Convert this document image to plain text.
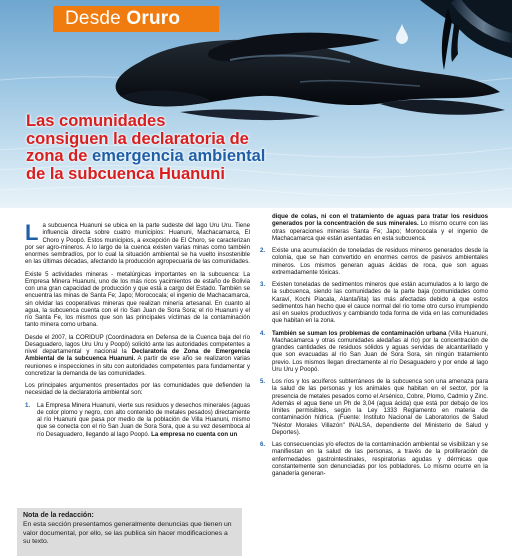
Desde Oruro
Las comunidades
consiguen la declaratoria de
zona de emergencia ambiental
de la subcuenca Huanuni

La subcuenca Huanuni se ubica en la parte sudeste del lago Uru Uru. Tiene influencia directa sobre cuatro municipios: Huanuni, Machacamarca, El Choro y Poopó. Estos municipios, a excepción de El Choro, se caracterizan por ser agro-mineros. A lo largo de la cuenca existen varias minas como también enormes sembradíos, por lo cual la situación ambiental se ha vuelto insostenible en las últimas décadas, afectando la producción agropecuaria de las comunidades.

Existe 5 actividades mineras - metalúrgicas importantes en la subcuenca: La Empresa Minera Huanuni, uno de los más ricos yacimientos de estaño de Bolivia con una gran capacidad de producción y que está a cargo del Estado. También se encuentra las minas de Santa Fe; Japo; Morococala; el ingenio de Machacamarca, sin olvidar las cooperativas mineras que realizan minería artesanal. En cuanto al agua, la subcuenca cuenta con el río San Juan de Sora Sora; el río Huanuni y el río Santa Fe, los mismos que son las principales víctimas de la contaminación tanto minera como urbana.

Desde el 2007, la CORIDUP (Coordinadora en Defensa de la Cuenca baja del río Desaguadero, lagos Uru Uru y Poopó) solicitó ante las autoridades competentes a nivel departamental y nacional la Declaratoria de Zona de Emergencia Ambiental de la subcuenca Huanuni. A partir de ese año se realizaron varias reuniones e inspecciones in situ con autoridades competentes para fundamentar y concretizar la demanda de las comunidades.

Los principales argumentos presentados por las comunidades que defienden la necesidad de la declaratoria ambiental son:

1. La Empresa Minera Huanuni, vierte sus residuos y desechos minerales (aguas de color plomo y negro, con alto contenido de metales pesados) directamente al río Huanuni que pasa por medio de la población de Villa Huanuni, mismo que se conecta con el río San Juan de Sora Sora, que a su vez desemboca al río Desaguadero, llegando al lago Poopó. La empresa no cuenta con un
dique de colas, ni con el tratamiento de aguas para tratar los residuos generados por la concentración de sus minerales. Lo mismo ocurre con las otras operaciones mineras Santa Fe; Japo; Morococala y el ingenio de Machacamarca que están asentadas en esta subcuenca.
2. Existe una acumulación de toneladas de residuos mineros generados desde la colonia, que se han convertido en enormes cerros de pasivos ambientales mineros. Los mismos generan aguas ácidas de roca, que son aguas extremadamente tóxicas.
3. Existen toneladas de sedimentos mineros que están acumulados a lo largo de la subcuenca, siendo las comunidades de la parte baja (comunidades como Karaví, Kochi Piacala, Alantañita) las más afectadas debido a que estos sedimentos han hecho que el cauce normal del río tome otro curso irrumpiendo así en suelos productivos y cambiando toda forma de vida en las comunidades que habitan en la zona.
4. También se suman los problemas de contaminación urbana (Villa Huanuni, Machacamarca y otras comunidades aledañas al río) por la concentración de grandes cantidades de residuos sólidos y aguas servidas de alcantarillado y que son evacuadas al río San Juan de Sora Sora, sin ningún tratamiento previo. Los mismos llegan directamente al río Desaguadero y por ende al lago Uru Uru y Poopó.
5. Los ríos y los acuíferos subterráneos de la subcuenca son una amenaza para la salud de las personas y los animales que habitan en el sector, por la presencia de metales pesados como el Arsénico, Cobre, Plomo, Cadmio y Zinc. Además el agua tiene un Ph de 3,04 (agua ácida) que está por debajo de los límites permisibles, según la Ley 1333 Reglamento en materia de contaminación hídrica. (Fuente: Instituto Nacional de Laboratorios de Salud "Néstor Morales Villazón" INALSA, dependiente del Ministerio de Salud y Deportes).
6. Las consecuencias y/o efectos de la contaminación ambiental se visibilizan y se manifiestan en la salud de las personas, a través de la proliferación de enfermedades gastrointestinales, respiratorias agudas y dérmicas que constantemente son denunciadas por los pobladores. Lo mismo ocurre en la ganadería generan-
Nota de la redacción:
En esta sección presentamos generalmente denuncias que tienen un valor documental, por ello, se las publica sin hacer modificaciones a su texto.
